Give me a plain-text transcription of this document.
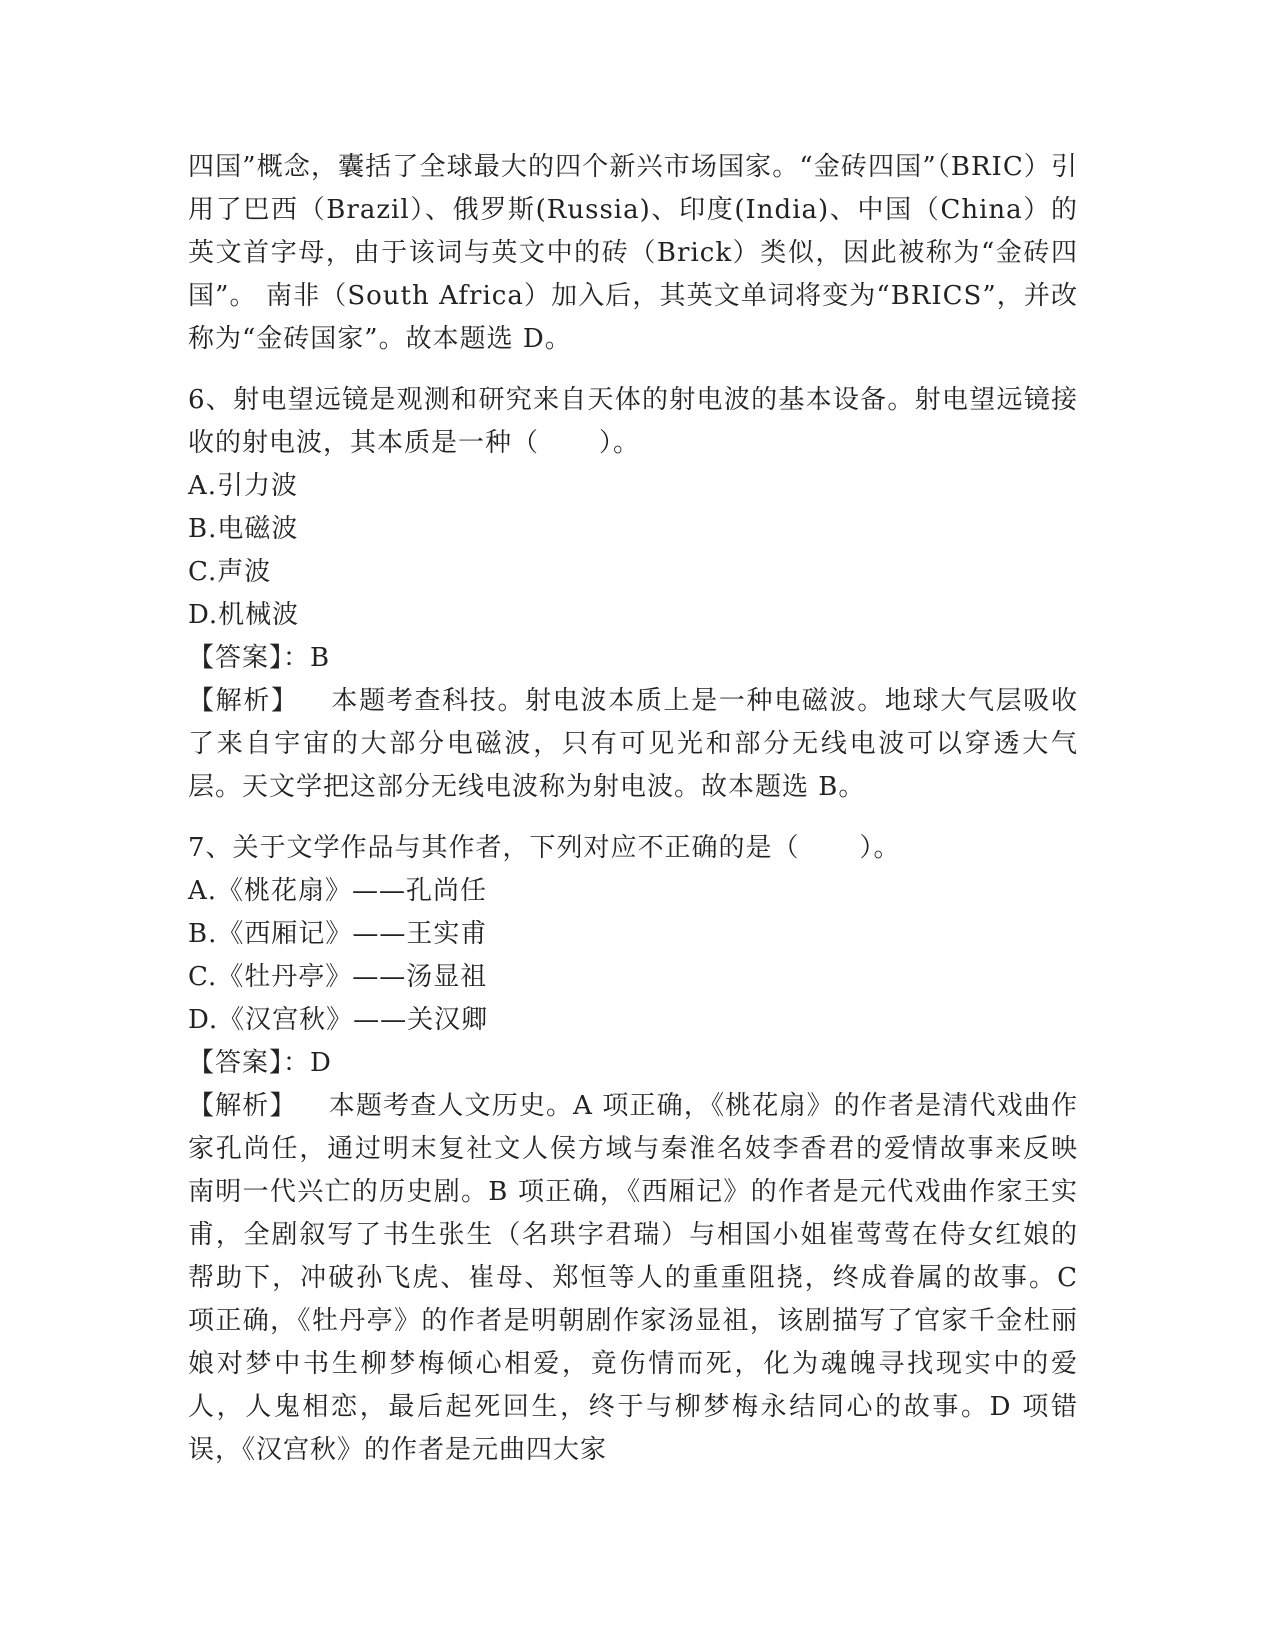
四国”概念，囊括了全球最大的四个新兴市场国家。“金砖四国”（BRIC）引用了巴西（Brazil）、俄罗斯(Russia)、印度(India)、中国（China）的英文首字母，由于该词与英文中的砖（Brick）类似，因此被称为“金砖四国”。 南非（South Africa）加入后，其英文单词将变为“BRICS”，并改称为“金砖国家”。故本题选 D。

6、射电望远镜是观测和研究来自天体的射电波的基本设备。射电望远镜接收的射电波，其本质是一种（ ）。

A.引力波

B.电磁波

C.声波

D.机械波

【答案】：B

【解析】 本题考查科技。射电波本质上是一种电磁波。地球大气层吸收了来自宇宙的大部分电磁波，只有可见光和部分无线电波可以穿透大气层。天文学把这部分无线电波称为射电波。故本题选 B。

7、关于文学作品与其作者，下列对应不正确的是（ ）。

A.《桃花扇》——孔尚任

B.《西厢记》——王实甫

C.《牡丹亭》——汤显祖

D.《汉宫秋》——关汉卿

【答案】：D

【解析】 本题考查人文历史。A 项正确，《桃花扇》的作者是清代戏曲作家孔尚任，通过明末复社文人侯方域与秦淮名妓李香君的爱情故事来反映南明一代兴亡的历史剧。B 项正确，《西厢记》的作者是元代戏曲作家王实甫，全剧叙写了书生张生（名珙字君瑞）与相国小姐崔莺莺在侍女红娘的帮助下，冲破孙飞虎、崔母、郑恒等人的重重阻挠，终成眷属的故事。C 项正确，《牡丹亭》的作者是明朝剧作家汤显祖，该剧描写了官家千金杜丽娘对梦中书生柳梦梅倾心相爱，竟伤情而死，化为魂魄寻找现实中的爱人，人鬼相恋，最后起死回生，终于与柳梦梅永结同心的故事。D 项错误，《汉宫秋》的作者是元曲四大家
